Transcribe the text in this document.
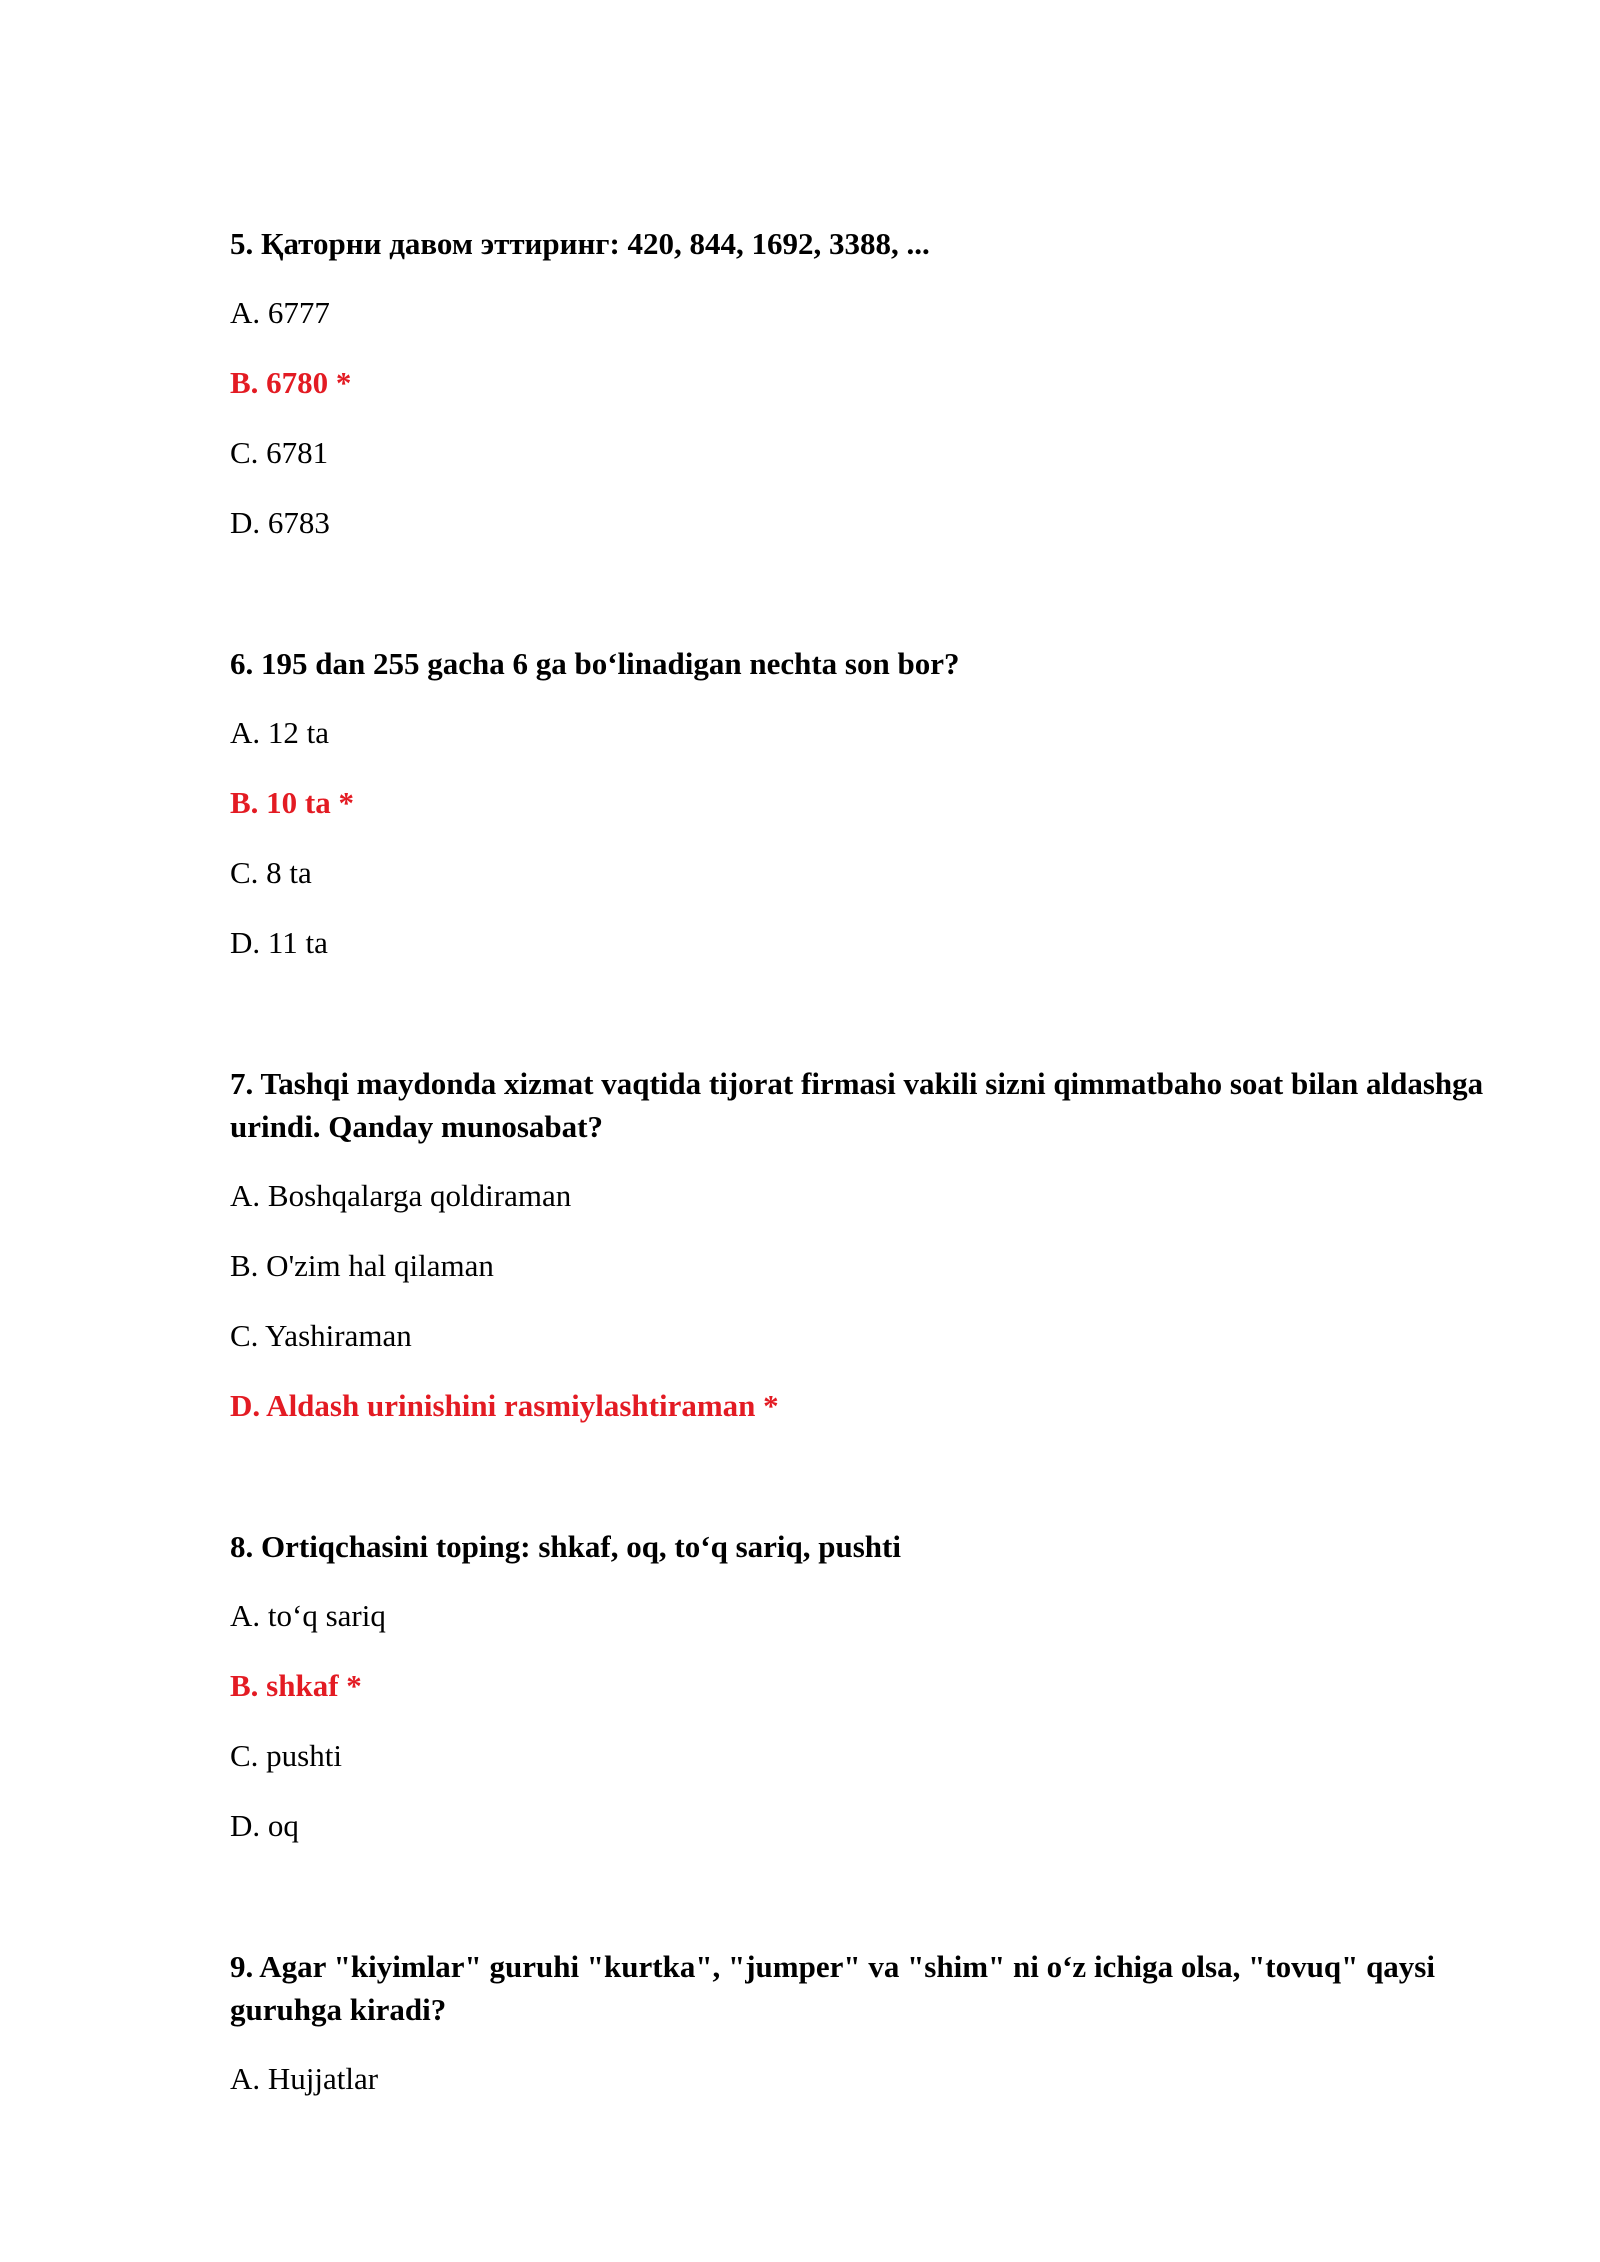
5. Қаторни давом эттиринг: 420, 844, 1692, 3388, ...

A. 6777
B. 6780 *
C. 6781
D. 6783

6. 195 dan 255 gacha 6 ga bo‘linadigan nechta son bor?

A. 12 ta
B. 10 ta *
C. 8 ta
D. 11 ta

7. Tashqi maydonda xizmat vaqtida tijorat firmasi vakili sizni qimmatbaho soat bilan aldashga urindi. Qanday munosabat?

A. Boshqalarga qoldiraman
B. O'zim hal qilaman
C. Yashiraman
D. Aldash urinishini rasmiylashtiraman *

8. Ortiqchasini toping: shkaf, oq, to‘q sariq, pushti

A. to‘q sariq
B. shkaf *
C. pushti
D. oq

9. Agar "kiyimlar" guruhi "kurtka", "jumper" va "shim" ni o‘z ichiga olsa, "tovuq" qaysi guruhga kiradi?

A. Hujjatlar
